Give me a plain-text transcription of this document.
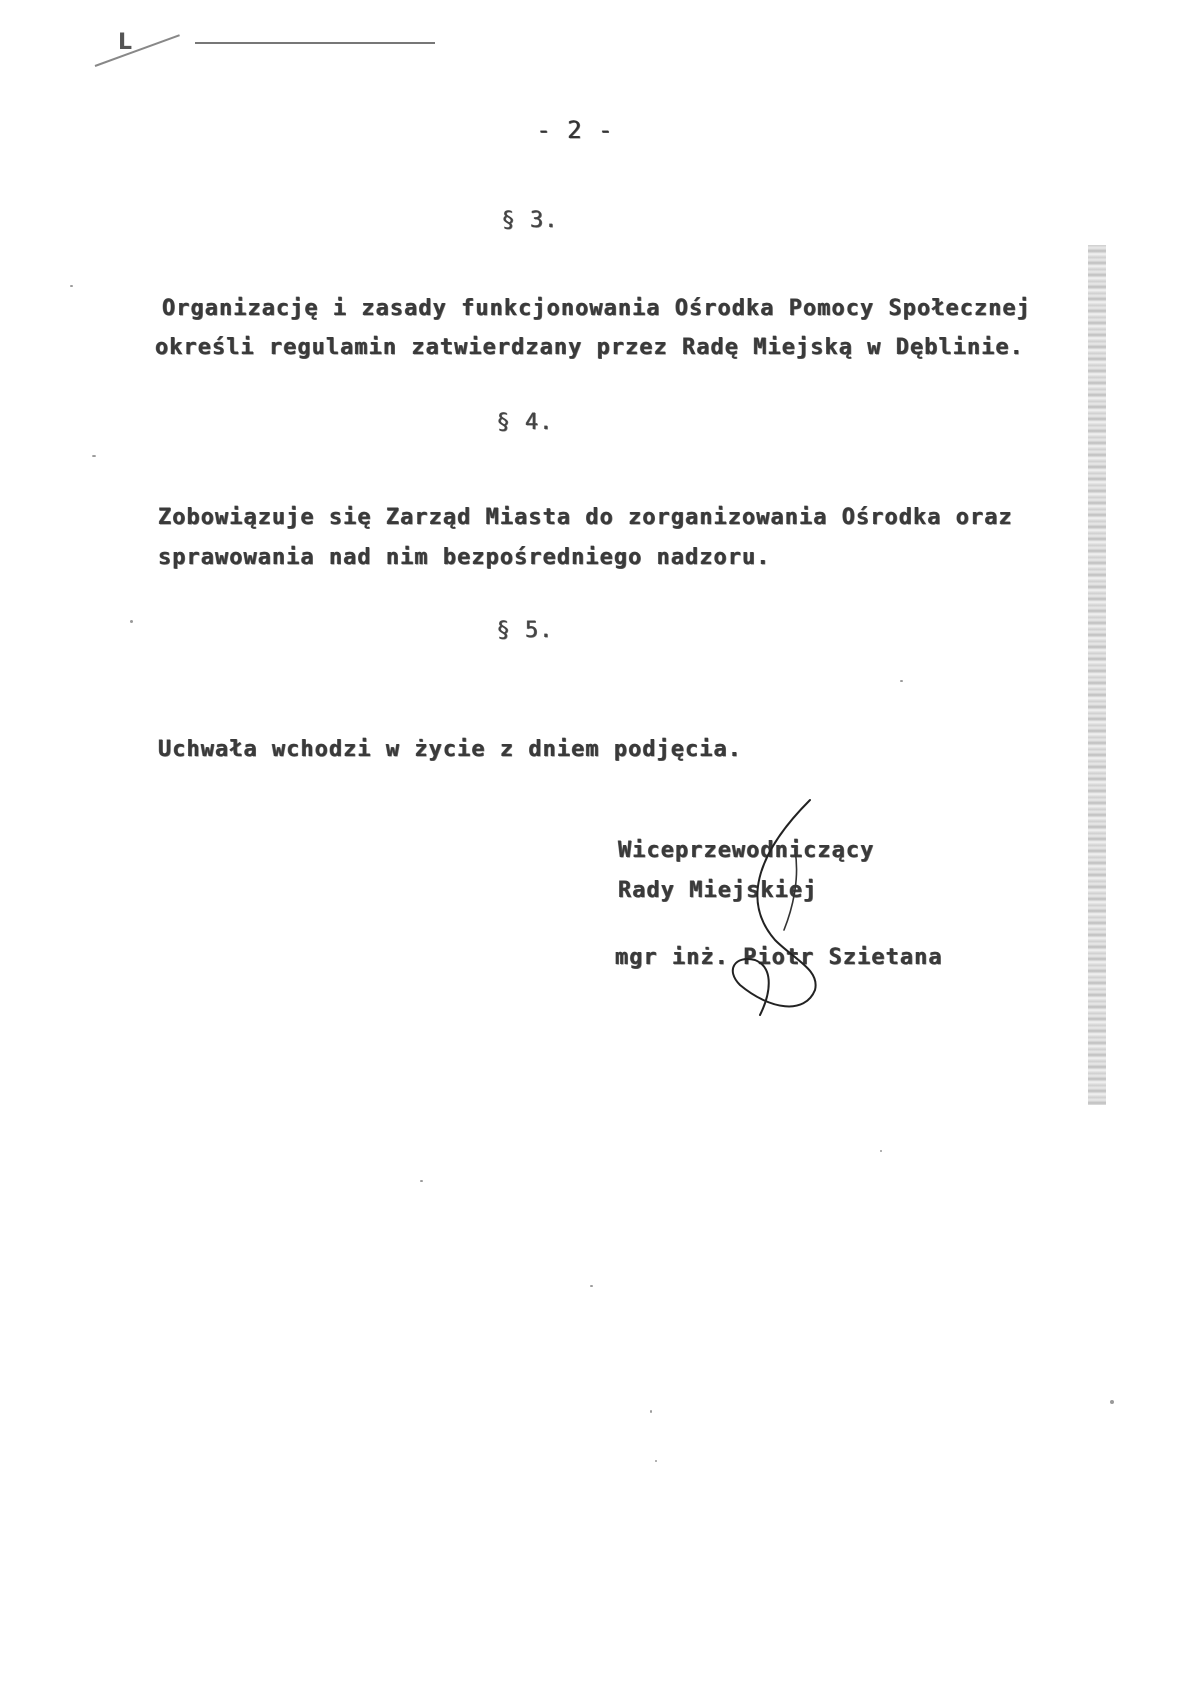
L
- 2 -
§ 3.
Organizację i zasady funkcjonowania Ośrodka Pomocy Społecznej
określi regulamin zatwierdzany przez Radę Miejską w Dęblinie.
§ 4.
Zobowiązuje się Zarząd Miasta do zorganizowania Ośrodka oraz
sprawowania nad nim bezpośredniego nadzoru.
§ 5.
Uchwała wchodzi w życie z dniem podjęcia.
Wiceprzewodniczący
Rady Miejskiej
mgr inż. Piotr Szietana
